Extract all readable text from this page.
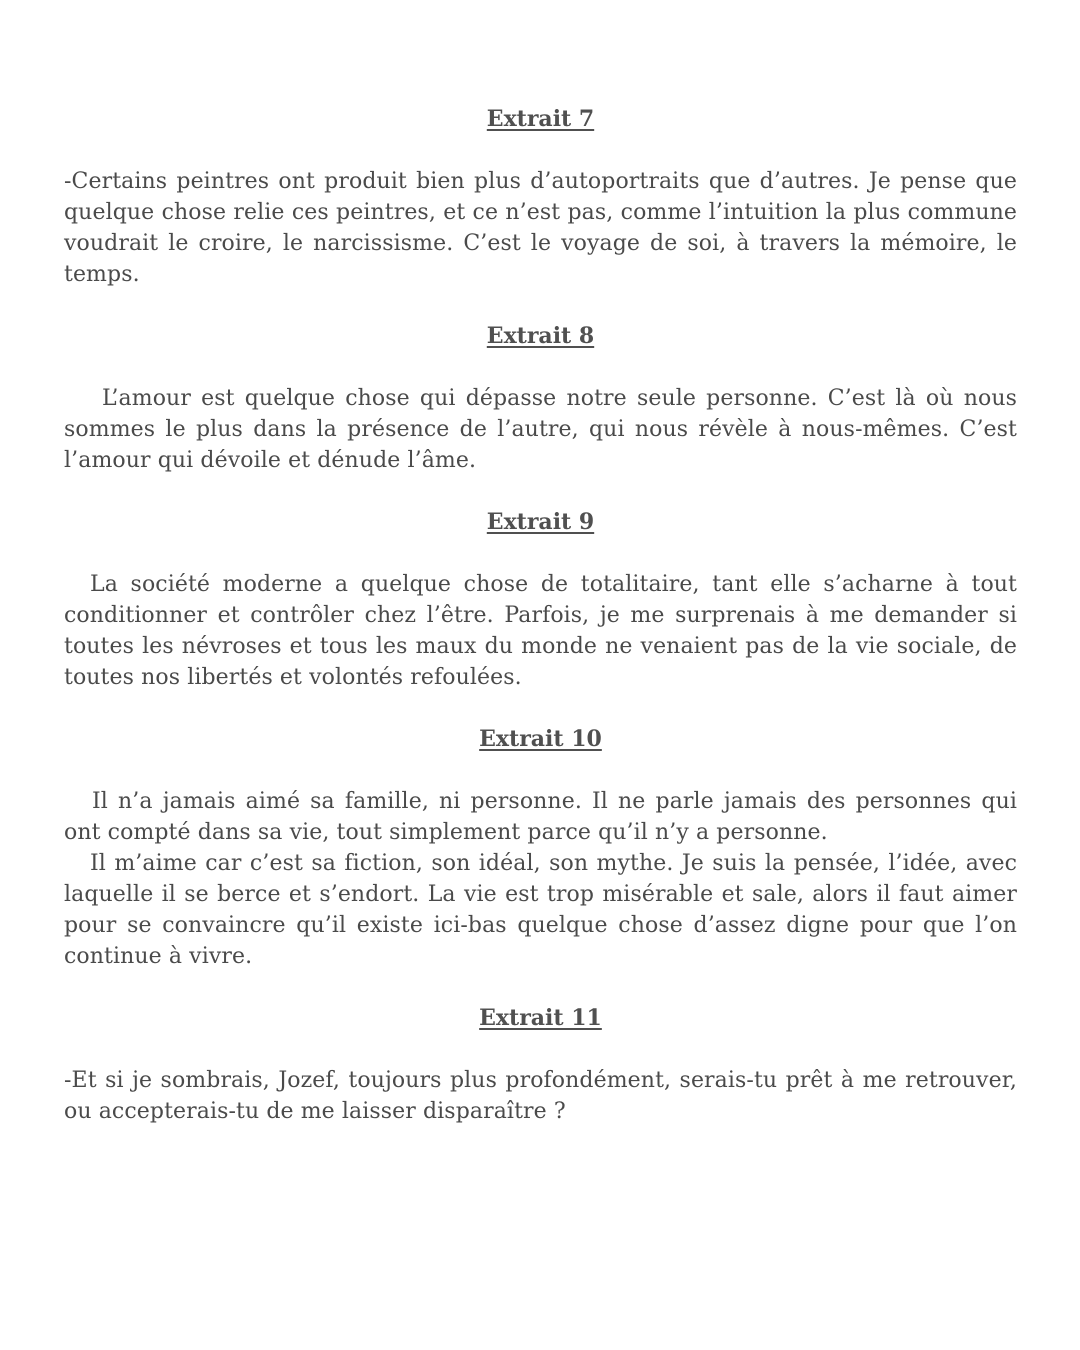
Extrait 7

-Certains peintres ont produit bien plus d’autoportraits que d’autres. Je pense que quelque chose relie ces peintres, et ce n’est pas, comme l’intuition la plus commune voudrait le croire, le narcissisme. C’est le voyage de soi, à travers la mémoire, le temps.

Extrait 8

L’amour est quelque chose qui dépasse notre seule personne. C’est là où nous sommes le plus dans la présence de l’autre, qui nous révèle à nous-mêmes. C’est l’amour qui dévoile et dénude l’âme.

Extrait 9

La société moderne a quelque chose de totalitaire, tant elle s’acharne à tout conditionner et contrôler chez l’être. Parfois, je me surprenais à me demander si toutes les névroses et tous les maux du monde ne venaient pas de la vie sociale, de toutes nos libertés et volontés refoulées.

Extrait 10

Il n’a jamais aimé sa famille, ni personne. Il ne parle jamais des personnes qui ont compté dans sa vie, tout simplement parce qu’il n’y a personne.

Il m’aime car c’est sa fiction, son idéal, son mythe. Je suis la pensée, l’idée, avec laquelle il se berce et s’endort. La vie est trop misérable et sale, alors il faut aimer pour se convaincre qu’il existe ici-bas quelque chose d’assez digne pour que l’on continue à vivre.

Extrait 11

-Et si je sombrais, Jozef, toujours plus profondément, serais-tu prêt à me retrouver, ou accepterais-tu de me laisser disparaître ?
